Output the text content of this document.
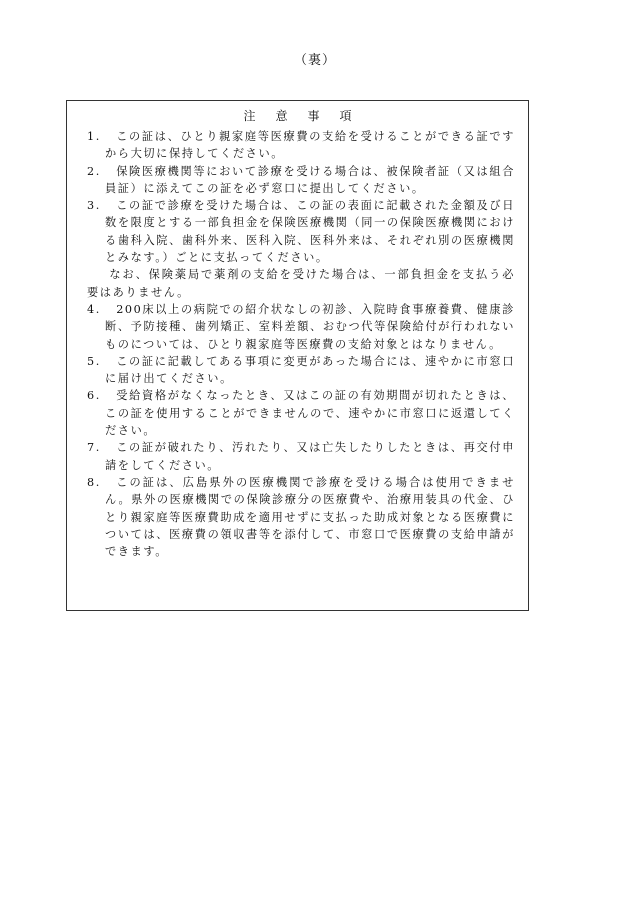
（裏）
注意事項
1.	この証は、ひとり親家庭等医療費の支給を受けることができる証ですから大切に保持してください。
2.	保険医療機関等において診療を受ける場合は、被保険者証（又は組合員証）に添えてこの証を必ず窓口に提出してください。
3.	この証で診療を受けた場合は、この証の表面に記載された金額及び日数を限度とする一部負担金を保険医療機関（同一の保険医療機関における歯科入院、歯科外来、医科入院、医科外来は、それぞれ別の医療機関とみなす。）ごとに支払ってください。
なお、保険薬局で薬剤の支給を受けた場合は、一部負担金を支払う必要はありません。
4.	200床以上の病院での紹介状なしの初診、入院時食事療養費、健康診断、予防接種、歯列矯正、室料差額、おむつ代等保険給付が行われないものについては、ひとり親家庭等医療費の支給対象とはなりません。
5.	この証に記載してある事項に変更があった場合には、速やかに市窓口に届け出てください。
6.	受給資格がなくなったとき、又はこの証の有効期間が切れたときは、この証を使用することができませんので、速やかに市窓口に返還してください。
7.	この証が破れたり、汚れたり、又は亡失したりしたときは、再交付申請をしてください。
8.	この証は、広島県外の医療機関で診療を受ける場合は使用できません。県外の医療機関での保険診療分の医療費や、治療用装具の代金、ひとり親家庭等医療費助成を適用せずに支払った助成対象となる医療費については、医療費の領収書等を添付して、市窓口で医療費の支給申請ができます。
